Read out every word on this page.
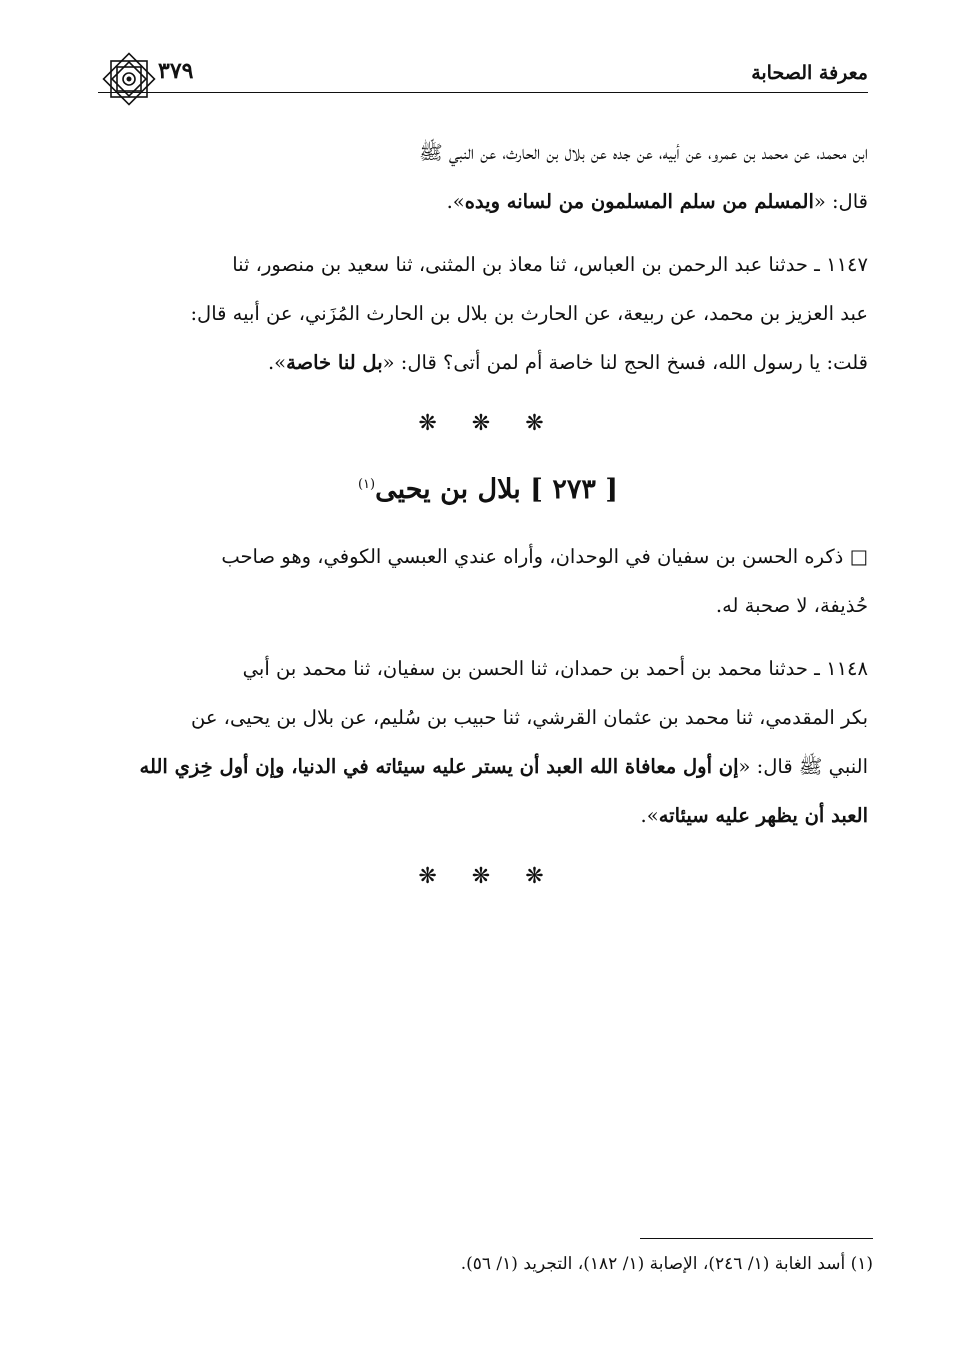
٣٧٩	معرفة الصحابة

ابن محمد، عن محمد بن عمرو، عن أبيه، عن جده عن بلال بن الحارث، عن النبي ﷺ

قال: «المسلم من سلم المسلمون من لسانه ويده».

١١٤٧ ـ حدثنا عبد الرحمن بن العباس، ثنا معاذ بن المثنى، ثنا سعيد بن منصور، ثنا

عبد العزيز بن محمد، عن ربيعة، عن الحارث بن بلال بن الحارث المُزَني، عن أبيه قال:

قلت: يا رسول الله، فسخ الحج لنا خاصة أم لمن أتى؟ قال: «بل لنا خاصة».

❋ ❋ ❋
[ ٢٧٣ ] بلال بن يحيى$^{(١)}$

□ ذكره الحسن بن سفيان في الوحدان، وأراه عندي العبسي الكوفي، وهو صاحب

حُذيفة، لا صحبة له.

١١٤٨ ـ حدثنا محمد بن أحمد بن حمدان، ثنا الحسن بن سفيان، ثنا محمد بن أبي

بكر المقدمي، ثنا محمد بن عثمان القرشي، ثنا حبيب بن سُليم، عن بلال بن يحيى، عن

النبي ﷺ قال: «إن أول معافاة الله العبد أن يستر عليه سيئاته في الدنيا، وإن أول خِزي الله

العبد أن يظهر عليه سيئاته».

❋ ❋ ❋
(١) أسد الغابة (١/ ٢٤٦)، الإصابة (١/ ١٨٢)، التجريد (١/ ٥٦).
